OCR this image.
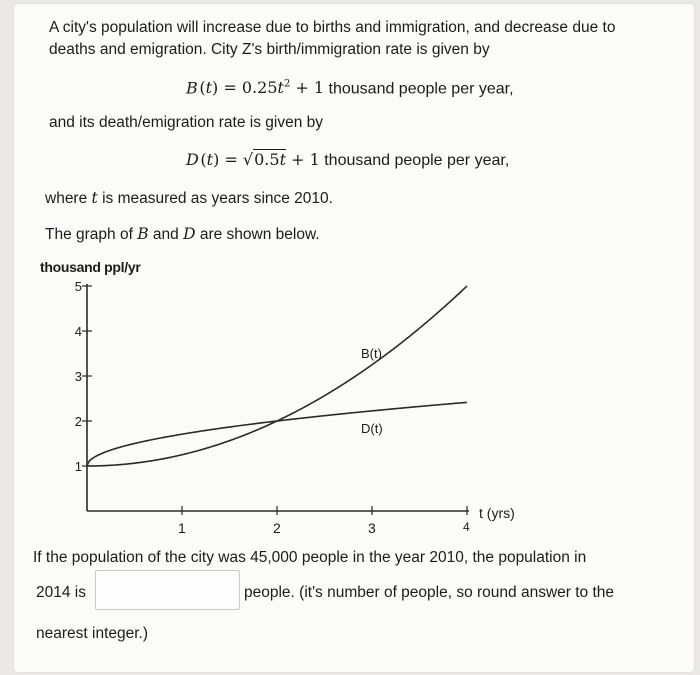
A city's population will increase due to births and immigration, and decrease due to
deaths and emigration. City Z's birth/immigration rate is given by
B $(t) = 0.25t^2 + 1$ thousand people per year,
and its death/emigration rate is given by
D (t) = √0.5t + 1 thousand people per year,
where t is measured as years since 2010.
The graph of B and D are shown below.
thousand ppl/yr
t (yrs)
1	2	3	4
1
2
3
4
5
B(t)
D(t)
If the population of the city was 45,000 people in the year 2010, the population in
2014 is	people. (it's number of people, so round answer to the
nearest integer.)
